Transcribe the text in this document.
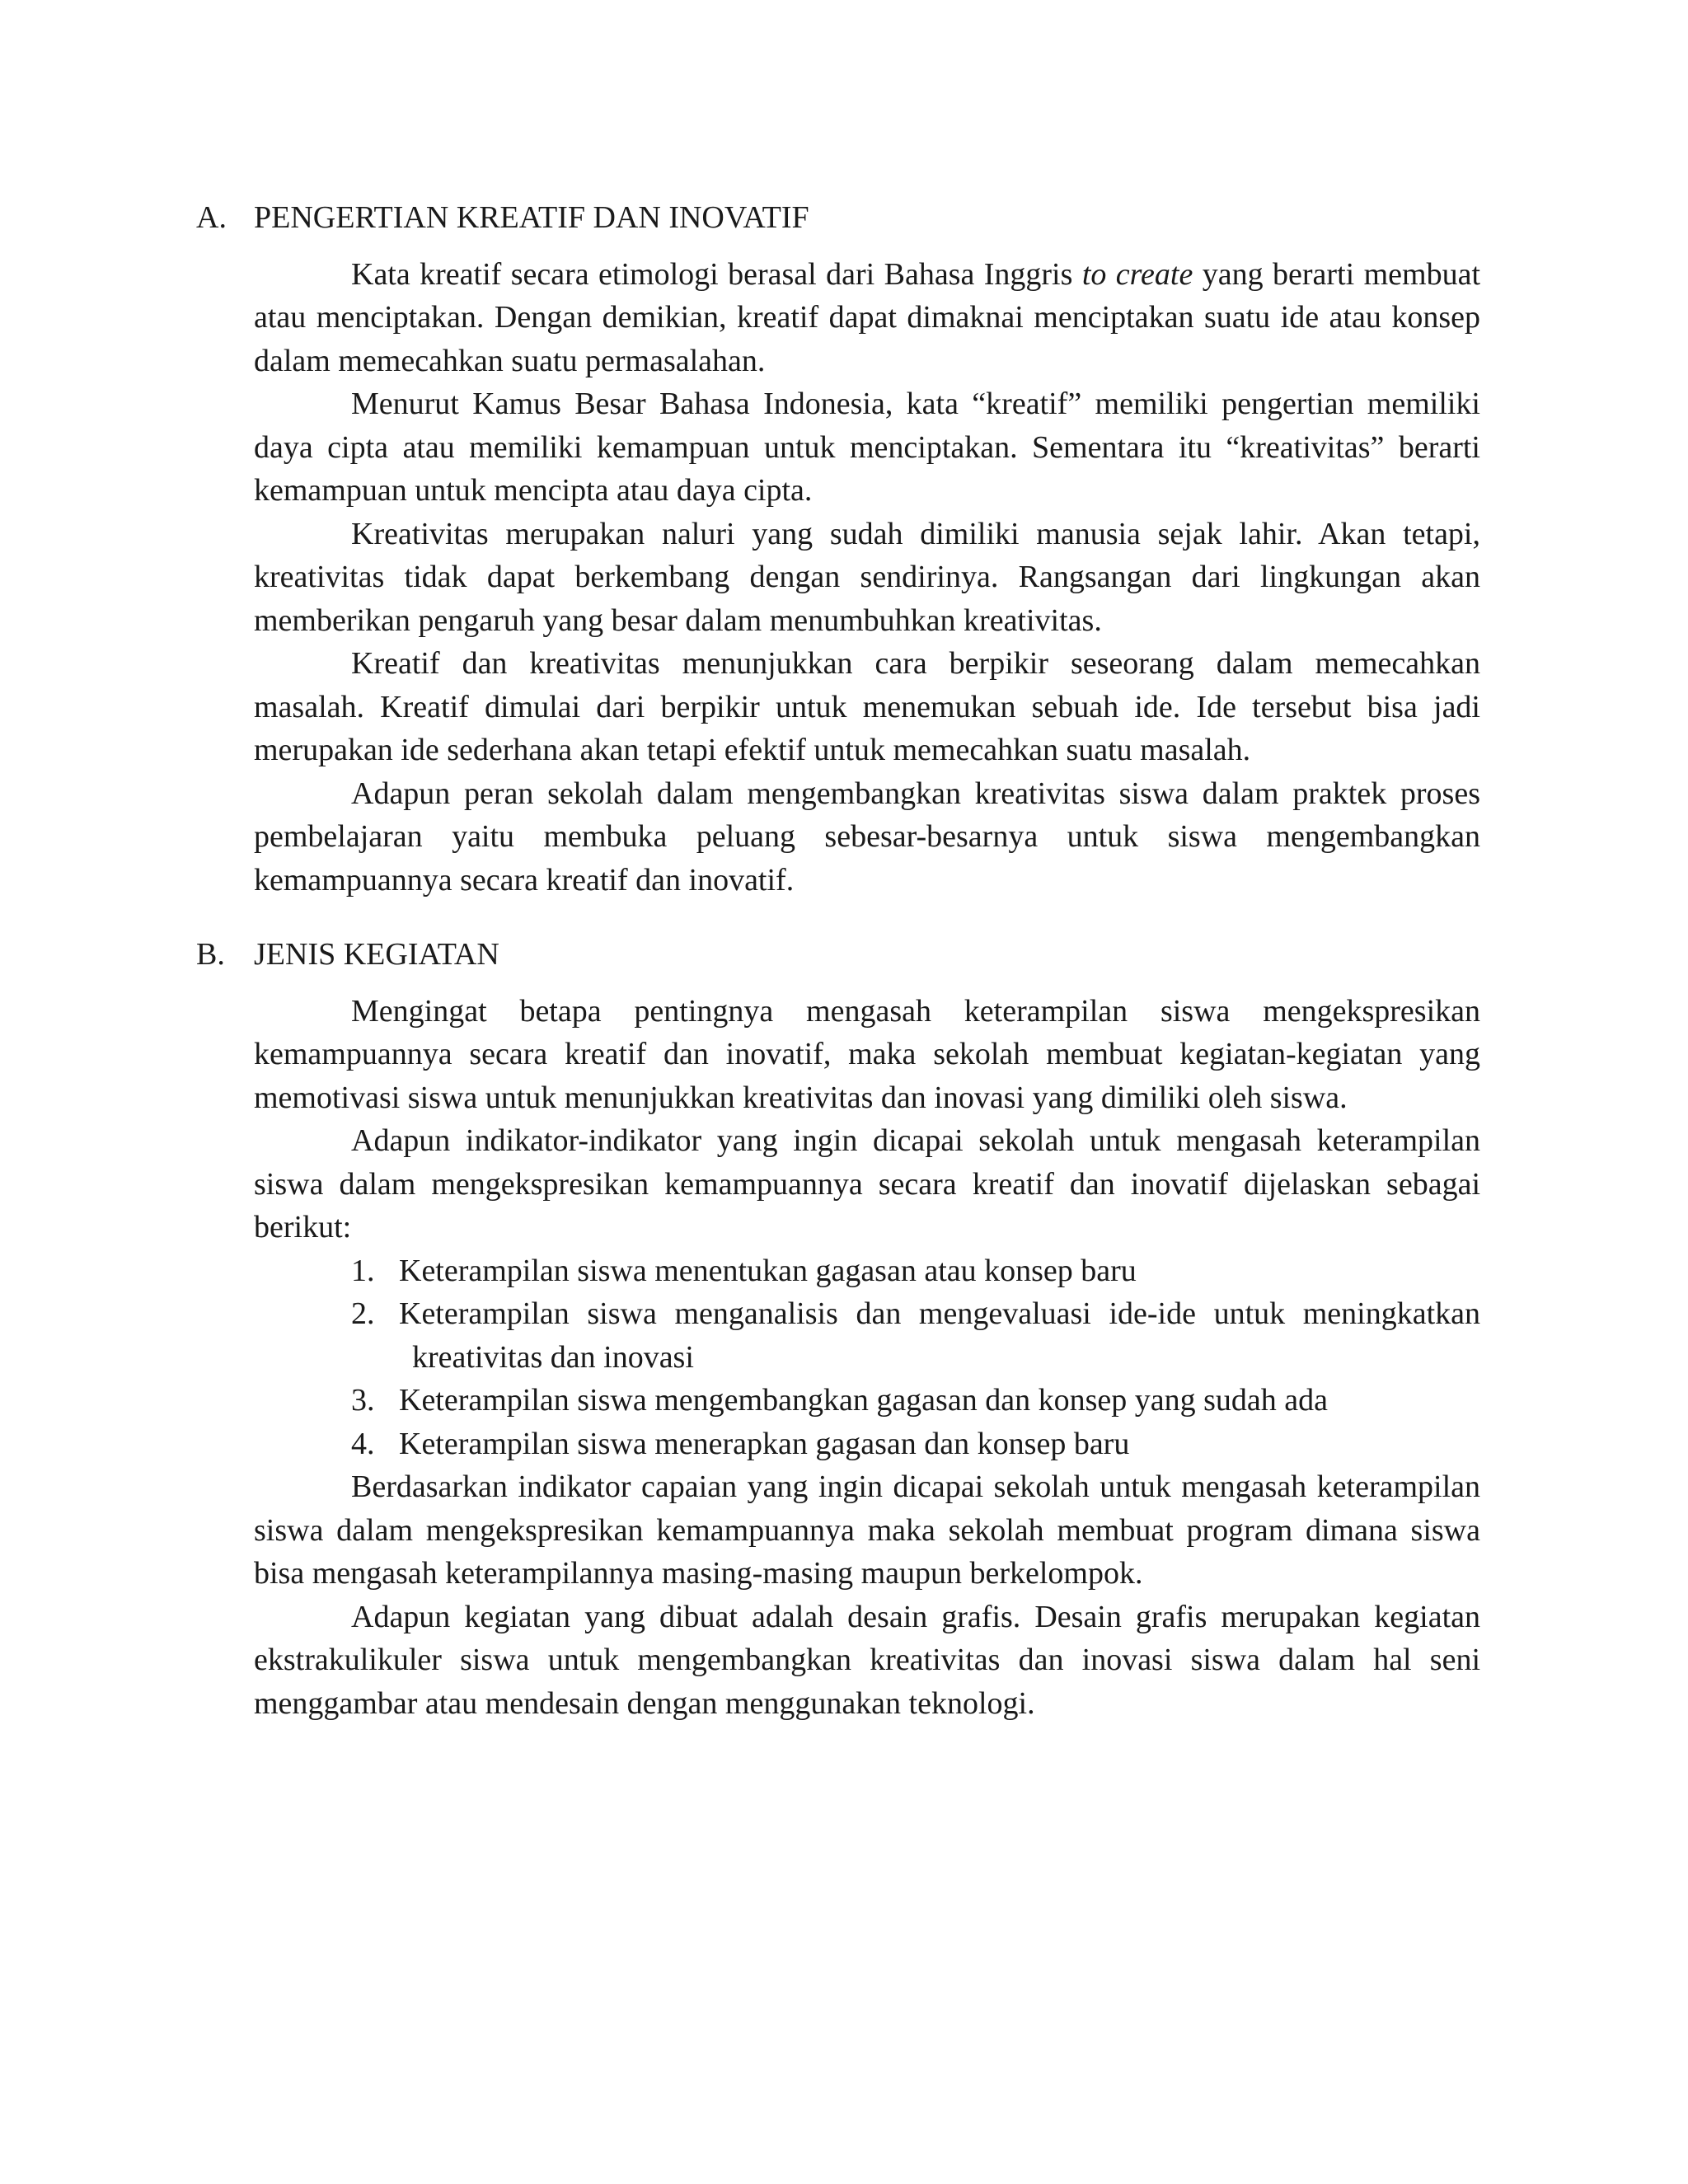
A. PENGERTIAN KREATIF DAN INOVATIF

Kata kreatif secara etimologi berasal dari Bahasa Inggris to create yang berarti membuat atau menciptakan. Dengan demikian, kreatif dapat dimaknai menciptakan suatu ide atau konsep dalam memecahkan suatu permasalahan.

Menurut Kamus Besar Bahasa Indonesia, kata “kreatif” memiliki pengertian memiliki daya cipta atau memiliki kemampuan untuk menciptakan. Sementara itu “kreativitas” berarti kemampuan untuk mencipta atau daya cipta.

Kreativitas merupakan naluri yang sudah dimiliki manusia sejak lahir. Akan tetapi, kreativitas tidak dapat berkembang dengan sendirinya. Rangsangan dari lingkungan akan memberikan pengaruh yang besar dalam menumbuhkan kreativitas.

Kreatif dan kreativitas menunjukkan cara berpikir seseorang dalam memecahkan masalah. Kreatif dimulai dari berpikir untuk menemukan sebuah ide. Ide tersebut bisa jadi merupakan ide sederhana akan tetapi efektif untuk memecahkan suatu masalah.

Adapun peran sekolah dalam mengembangkan kreativitas siswa dalam praktek proses pembelajaran yaitu membuka peluang sebesar-besarnya untuk siswa mengembangkan kemampuannya secara kreatif dan inovatif.

B. JENIS KEGIATAN

Mengingat betapa pentingnya mengasah keterampilan siswa mengekspresikan kemampuannya secara kreatif dan inovatif, maka sekolah membuat kegiatan-kegiatan yang memotivasi siswa untuk menunjukkan kreativitas dan inovasi yang dimiliki oleh siswa.

Adapun indikator-indikator yang ingin dicapai sekolah untuk mengasah keterampilan siswa dalam mengekspresikan kemampuannya secara kreatif dan inovatif dijelaskan sebagai berikut:

1. Keterampilan siswa menentukan gagasan atau konsep baru
2. Keterampilan siswa menganalisis dan mengevaluasi ide-ide untuk meningkatkan kreativitas dan inovasi
3. Keterampilan siswa mengembangkan gagasan dan konsep yang sudah ada
4. Keterampilan siswa menerapkan gagasan dan konsep baru

Berdasarkan indikator capaian yang ingin dicapai sekolah untuk mengasah keterampilan siswa dalam mengekspresikan kemampuannya maka sekolah membuat program dimana siswa bisa mengasah keterampilannya masing-masing maupun berkelompok.

Adapun kegiatan yang dibuat adalah desain grafis. Desain grafis merupakan kegiatan ekstrakulikuler siswa untuk mengembangkan kreativitas dan inovasi siswa dalam hal seni menggambar atau mendesain dengan menggunakan teknologi.
